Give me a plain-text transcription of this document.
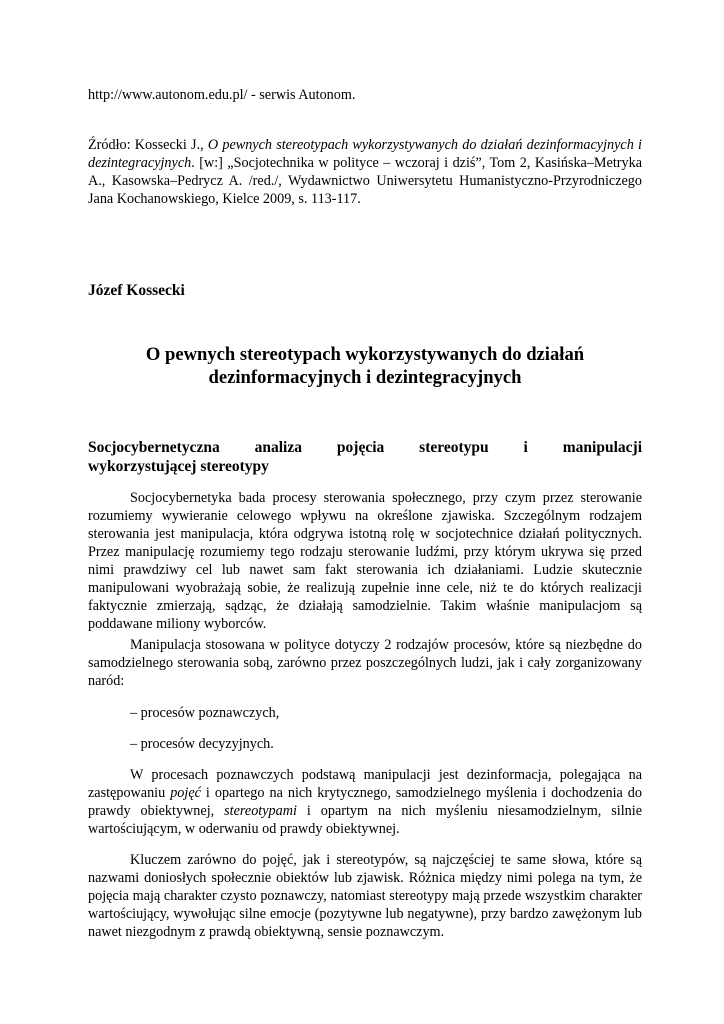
http://www.autonom.edu.pl/ - serwis Autonom.

Źródło: Kossecki J., O pewnych stereotypach wykorzystywanych do działań dezinformacyjnych i dezintegracyjnych. [w:] „Socjotechnika w polityce – wczoraj i dziś”, Tom 2, Kasińska–Metryka A., Kasowska–Pedrycz A. /red./, Wydawnictwo Uniwersytetu Humanistyczno-Przyrodniczego Jana Kochanowskiego, Kielce 2009, s. 113-117.

Józef Kossecki

O pewnych stereotypach wykorzystywanych do działań
dezinformacyjnych i dezintegracyjnych
Socjocybernetyczna analiza pojęcia stereotypu i manipulacji
wykorzystującej stereotypy

Socjocybernetyka bada procesy sterowania społecznego, przy czym przez sterowanie rozumiemy wywieranie celowego wpływu na określone zjawiska. Szczególnym rodzajem sterowania jest manipulacja, która odgrywa istotną rolę w socjotechnice działań politycznych. Przez manipulację rozumiemy tego rodzaju sterowanie ludźmi, przy którym ukrywa się przed nimi prawdziwy cel lub nawet sam fakt sterowania ich działaniami. Ludzie skutecznie manipulowani wyobrażają sobie, że realizują zupełnie inne cele, niż te do których realizacji faktycznie zmierzają, sądząc, że działają samodzielnie. Takim właśnie manipulacjom są poddawane miliony wyborców.

Manipulacja stosowana w polityce dotyczy 2 rodzajów procesów, które są niezbędne do samodzielnego sterowania sobą, zarówno przez poszczególnych ludzi, jak i cały zorganizowany naród:

– procesów poznawczych,

– procesów decyzyjnych.

W procesach poznawczych podstawą manipulacji jest dezinformacja, polegająca na zastępowaniu pojęć i opartego na nich krytycznego, samodzielnego myślenia i dochodzenia do prawdy obiektywnej, stereotypami i opartym na nich myśleniu niesamodzielnym, silnie wartościującym, w oderwaniu od prawdy obiektywnej.

Kluczem zarówno do pojęć, jak i stereotypów, są najczęściej te same słowa, które są nazwami doniosłych społecznie obiektów lub zjawisk. Różnica między nimi polega na tym, że pojęcia mają charakter czysto poznawczy, natomiast stereotypy mają przede wszystkim charakter wartościujący, wywołując silne emocje (pozytywne lub negatywne), przy bardzo zawężonym lub nawet niezgodnym z prawdą obiektywną, sensie poznawczym.
